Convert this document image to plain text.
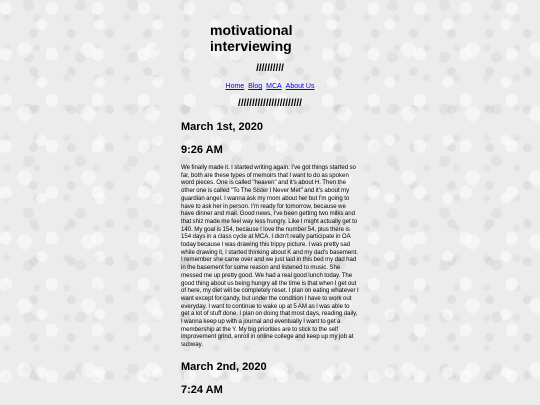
motivational interviewing
//////////
Home Blog MCA About Us
///////////////////////
March 1st, 2020
9:26 AM

We finally made it. I started writing again. I've got things started so far, both are these types of memoirs that I want to do as spoken word pieces. One is called "heaven" and it's about H. Then the other one is called "To The Sister I Never Met" and it's about my guardian angel. I wanna ask my mom about her but I'm going to have to ask her in person. I'm ready for tomorrow, because we have dinner and mail. Good news, I've been getting two milks and that shiz made me feel way less hungry. Like I might actually get to 140. My goal is 154, because I love the number 54, plus there is 154 days in a class cycle at MCA. I didn't really participate in OA today because I was drawing this trippy picture. I was pretty sad while drawing it, I started thinking about K and my dad's basement. I remember she came over and we just laid in this bed my dad had in the basement for some reason and listened to music. She messed me up pretty good. We had a real good lunch today. The good thing about us being hungry all the time is that when I get out of here, my diet will be completely reset. I plan on eating whatever I want except for candy, but under the condition I have to work out everyday. I want to continue to wake up at 5 AM as I was able to get a lot of stuff done. I plan on doing that most days, reading daily, I wanna keep up with a journal and eventually I want to get a membership at the Y. My big priorities are to stick to the self improvement grind, enroll in online college and keep up my job at subway.

March 2nd, 2020
7:24 AM
